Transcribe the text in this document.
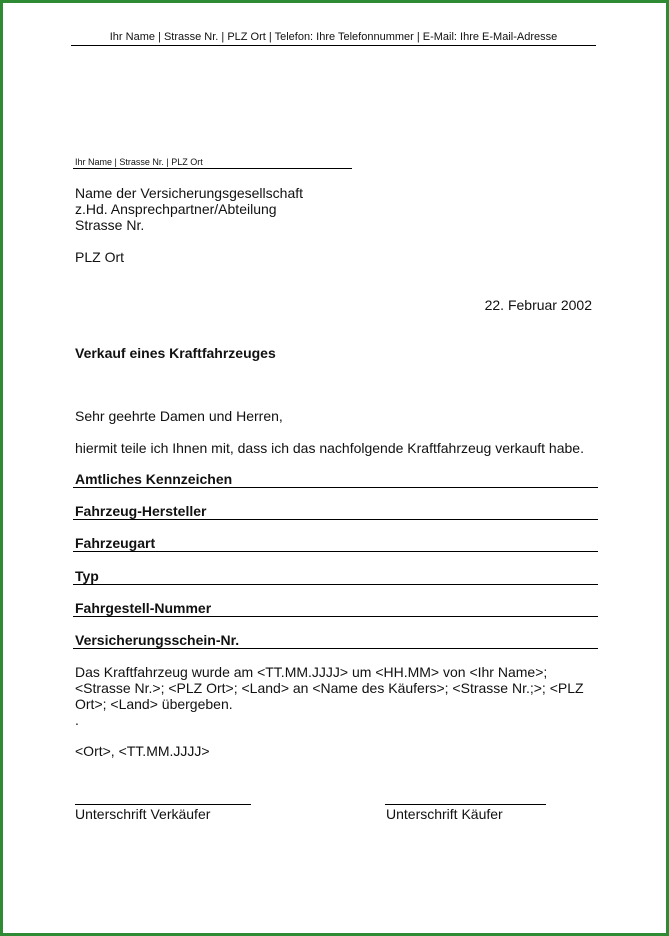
Ihr Name | Strasse Nr. | PLZ Ort | Telefon: Ihre Telefonnummer | E-Mail: Ihre E-Mail-Adresse
Ihr Name | Strasse Nr. | PLZ Ort
Name der Versicherungsgesellschaft
z.Hd. Ansprechpartner/Abteilung
Strasse Nr.
PLZ Ort
22. Februar 2002
Verkauf eines Kraftfahrzeuges
Sehr geehrte Damen und Herren,
hiermit teile ich Ihnen mit, dass ich das nachfolgende Kraftfahrzeug verkauft habe.
Amtliches Kennzeichen
Fahrzeug-Hersteller
Fahrzeugart
Typ
Fahrgestell-Nummer
Versicherungsschein-Nr.
Das Kraftfahrzeug wurde am <TT.MM.JJJJ> um <HH.MM> von <Ihr Name>;
<Strasse Nr.>; <PLZ Ort>; <Land> an <Name des Käufers>; <Strasse Nr.;>; <PLZ
Ort>; <Land> übergeben.
.
<Ort>, <TT.MM.JJJJ>
Unterschrift Verkäufer	Unterschrift Käufer
